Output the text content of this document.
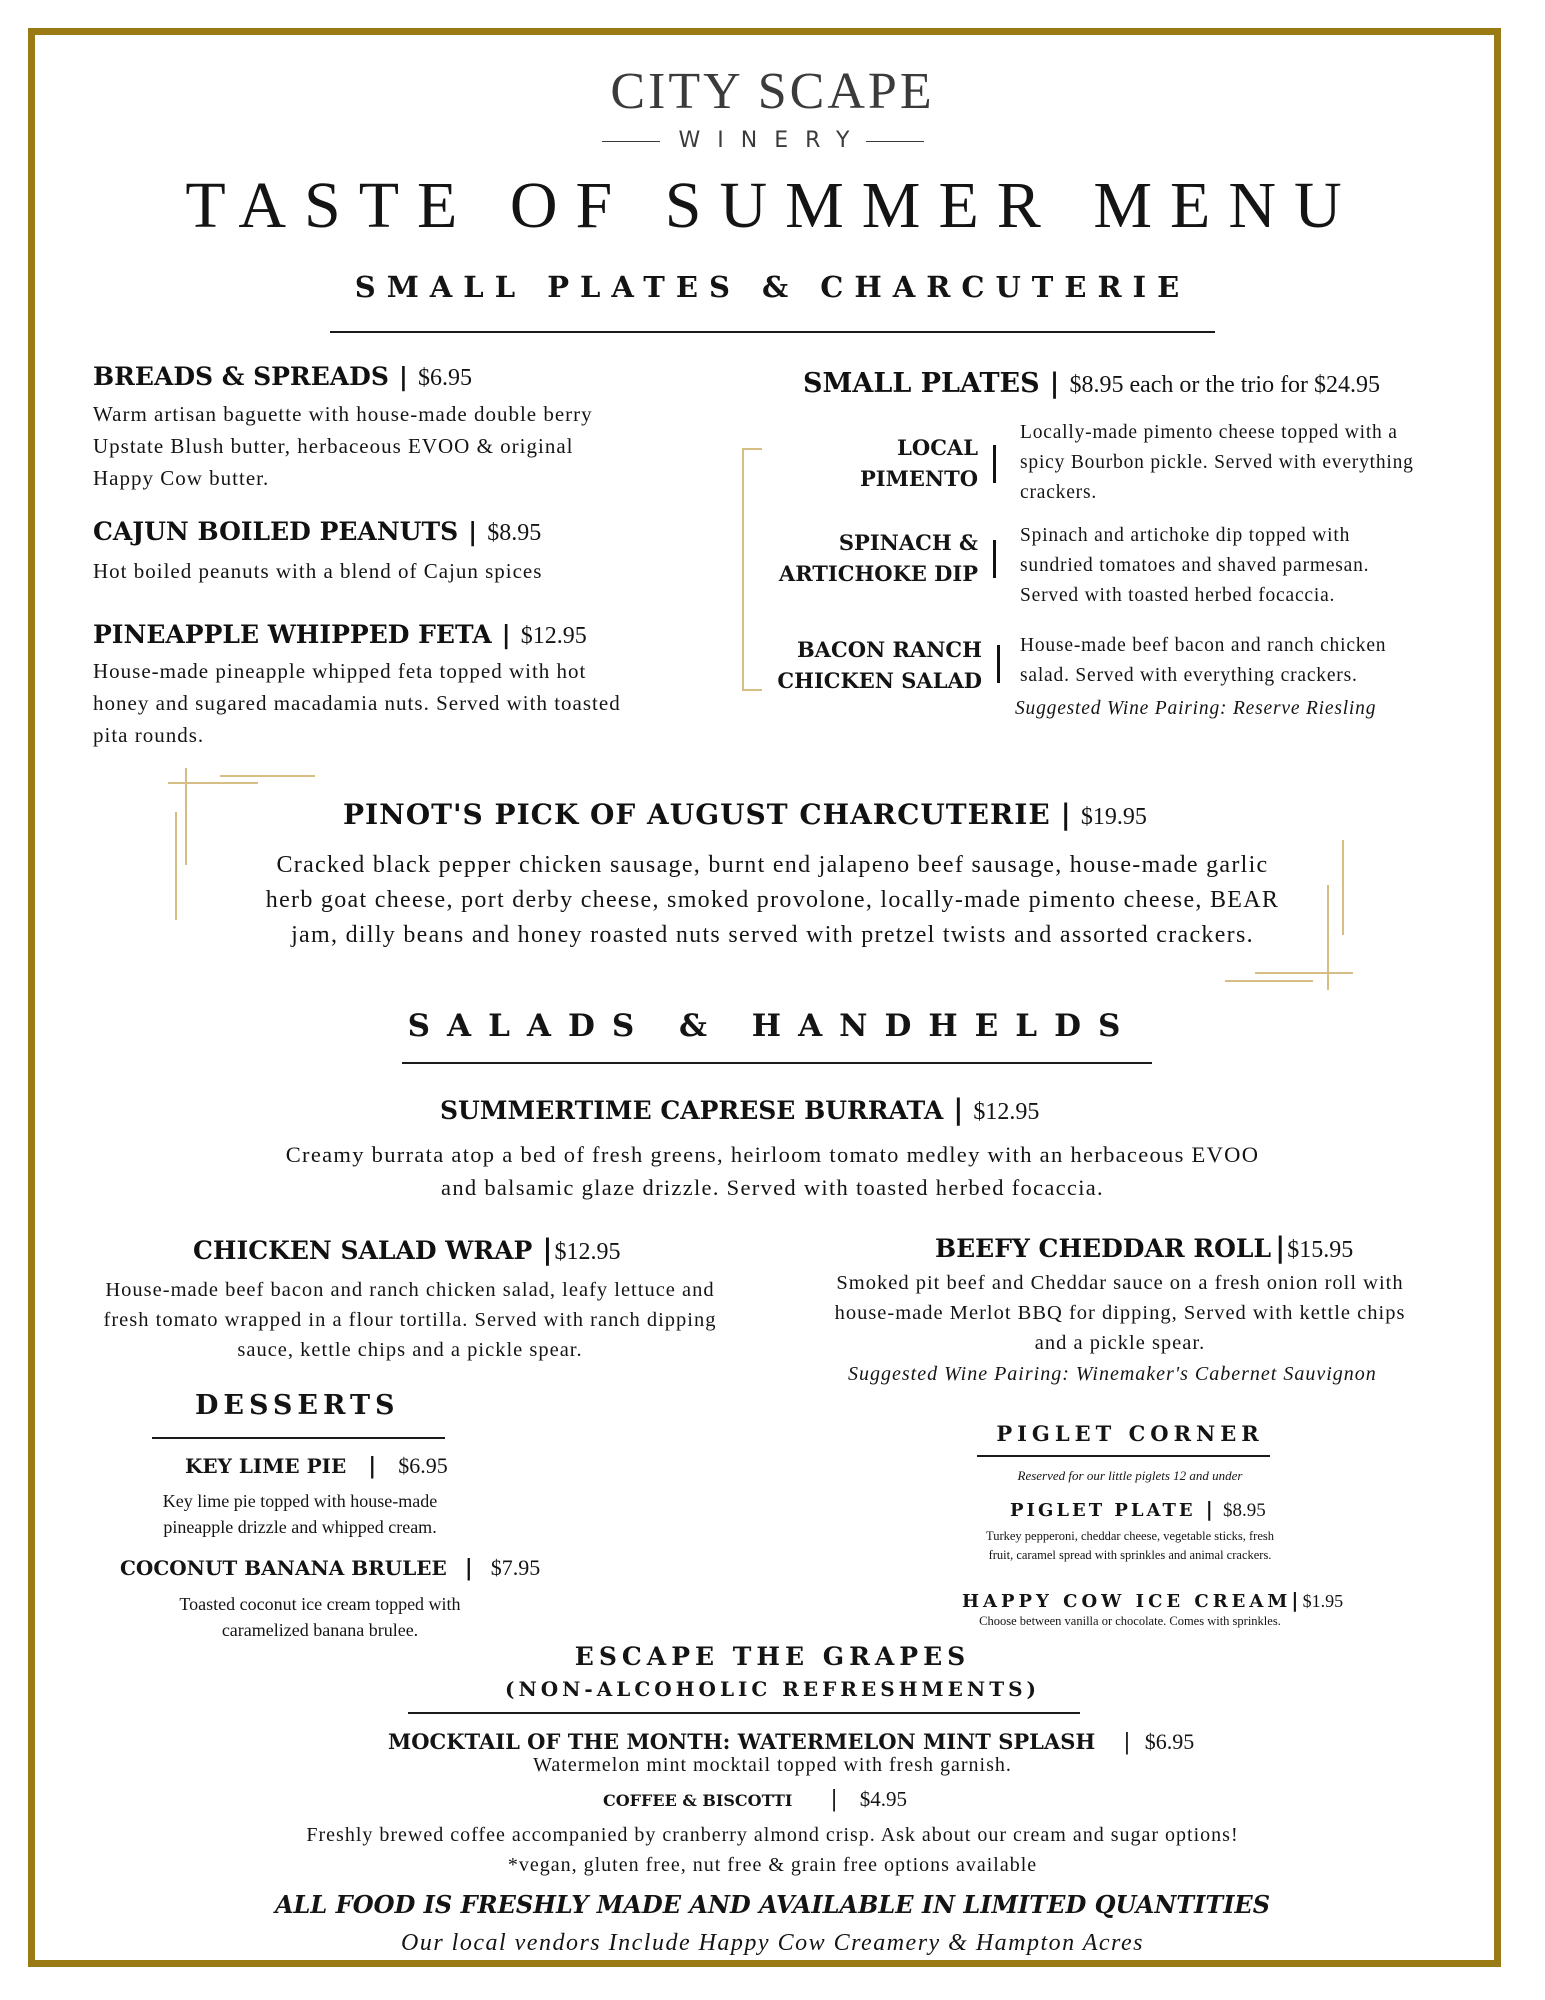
CITY SCAPE
WINERY
TASTE OF SUMMER MENU
SMALL PLATES & CHARCUTERIE
BREADS & SPREADS | $6.95
Warm artisan baguette with house-made double berry
Upstate Blush butter, herbaceous EVOO & original
Happy Cow butter.
CAJUN BOILED PEANUTS | $8.95
Hot boiled peanuts with a blend of Cajun spices
PINEAPPLE WHIPPED FETA | $12.95
House-made pineapple whipped feta topped with hot
honey and sugared macadamia nuts. Served with toasted
pita rounds.
SMALL PLATES | $8.95 each or the trio for $24.95
LOCAL
PIMENTO
Locally-made pimento cheese topped with a
spicy Bourbon pickle. Served with everything
crackers.
SPINACH &
ARTICHOKE DIP
Spinach and artichoke dip topped with
sundried tomatoes and shaved parmesan.
Served with toasted herbed focaccia.
BACON RANCH
CHICKEN SALAD
House-made beef bacon and ranch chicken
salad. Served with everything crackers.
Suggested Wine Pairing: Reserve Riesling
PINOT'S PICK OF AUGUST CHARCUTERIE | $19.95
Cracked black pepper chicken sausage, burnt end jalapeno beef sausage, house-made garlic
herb goat cheese, port derby cheese, smoked provolone, locally-made pimento cheese, BEAR
jam, dilly beans and honey roasted nuts served with pretzel twists and assorted crackers.
SALADS & HANDHELDS
SUMMERTIME CAPRESE BURRATA | $12.95
Creamy burrata atop a bed of fresh greens, heirloom tomato medley with an herbaceous EVOO
and balsamic glaze drizzle. Served with toasted herbed focaccia.
CHICKEN SALAD WRAP |$12.95
House-made beef bacon and ranch chicken salad, leafy lettuce and
fresh tomato wrapped in a flour tortilla. Served with ranch dipping
sauce, kettle chips and a pickle spear.
BEEFY CHEDDAR ROLL |$15.95
Smoked pit beef and Cheddar sauce on a fresh onion roll with
house-made Merlot BBQ for dipping, Served with kettle chips
and a pickle spear.
Suggested Wine Pairing: Winemaker's Cabernet Sauvignon
DESSERTS
KEY LIME PIE | $6.95
Key lime pie topped with house-made
pineapple drizzle and whipped cream.
COCONUT BANANA BRULEE | $7.95
Toasted coconut ice cream topped with
caramelized banana brulee.
PIGLET CORNER
Reserved for our little piglets 12 and under
PIGLET PLATE | $8.95
Turkey pepperoni, cheddar cheese, vegetable sticks, fresh
fruit, caramel spread with sprinkles and animal crackers.
HAPPY COW ICE CREAM| $1.95
Choose between vanilla or chocolate. Comes with sprinkles.
ESCAPE THE GRAPES
(NON-ALCOHOLIC REFRESHMENTS)
MOCKTAIL OF THE MONTH: WATERMELON MINT SPLASH | $6.95
Watermelon mint mocktail topped with fresh garnish.
COFFEE & BISCOTTI | $4.95
Freshly brewed coffee accompanied by cranberry almond crisp. Ask about our cream and sugar options!
*vegan, gluten free, nut free & grain free options available
ALL FOOD IS FRESHLY MADE AND AVAILABLE IN LIMITED QUANTITIES
Our local vendors Include Happy Cow Creamery & Hampton Acres
